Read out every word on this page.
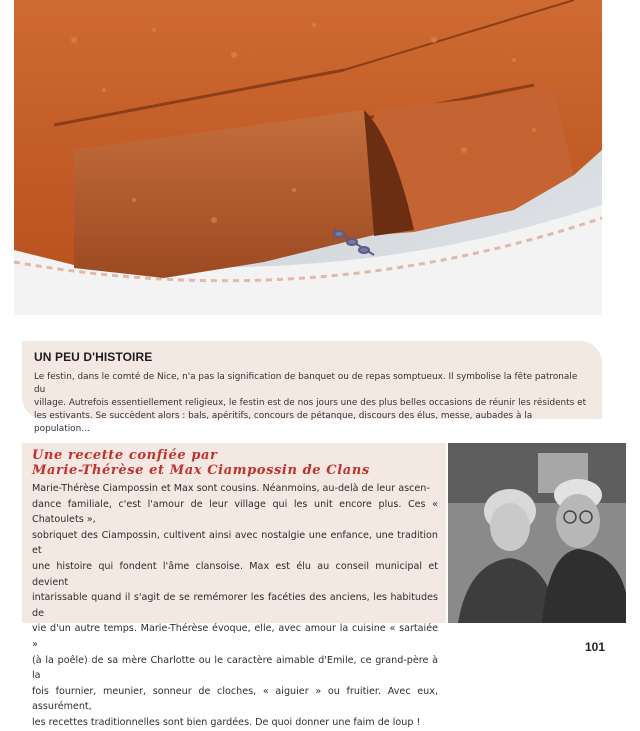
UN PEU D'HISTOIRE
Le festin, dans le comté de Nice, n'a pas la signification de banquet ou de repas somptueux. Il symbolise la fête patronale du
village. Autrefois essentiellement religieux, le festin est de nos jours une des plus belles occasions de réunir les résidents et
les estivants. Se succèdent alors : bals, apéritifs, concours de pétanque, discours des élus, messe, aubades à la population…
Une recette confiée par
Marie-Thérèse et Max Ciampossin de Clans
Marie-Thérèse Ciampossin et Max sont cousins. Néanmoins, au-delà de leur ascen-
dance familiale, c'est l'amour de leur village qui les unit encore plus. Ces « Chatoulets »,
sobriquet des Ciampossin, cultivent ainsi avec nostalgie une enfance, une tradition et
une histoire qui fondent l'âme clansoise. Max est élu au conseil municipal et devient
intarissable quand il s'agit de se remémorer les facéties des anciens, les habitudes de
vie d'un autre temps. Marie-Thérèse évoque, elle, avec amour la cuisine « sartaiée »
(à la poêle) de sa mère Charlotte ou le caractère aimable d'Emile, ce grand-père à la
fois fournier, meunier, sonneur de cloches, « aiguier » ou fruitier. Avec eux, assurément,
les recettes traditionnelles sont bien gardées. De quoi donner une faim de loup !
101
